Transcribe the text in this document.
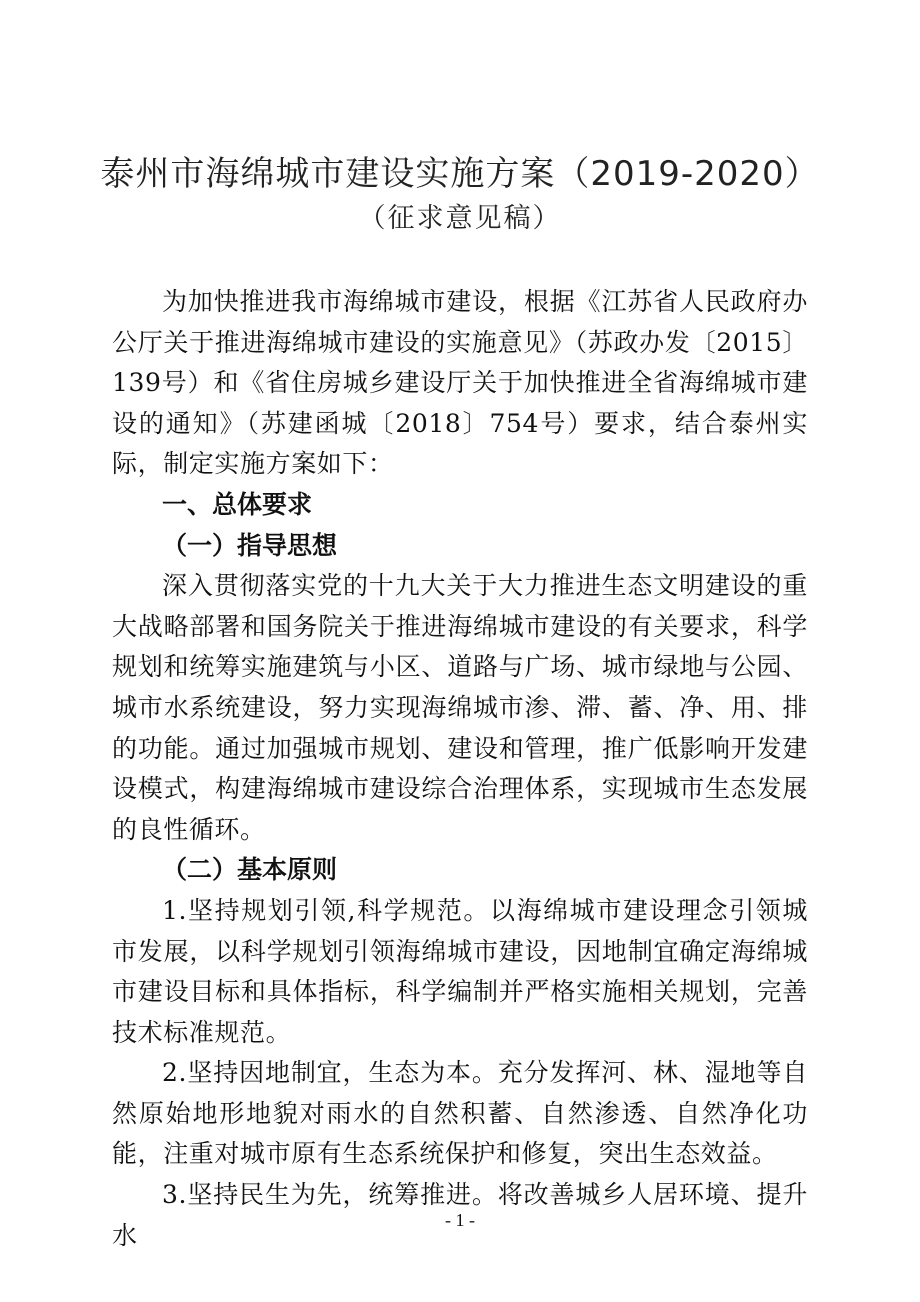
泰州市海绵城市建设实施方案（2019-2020）
（征求意见稿）

为加快推进我市海绵城市建设，根据《江苏省人民政府办公厅关于推进海绵城市建设的实施意见》（苏政办发〔2015〕139号）和《省住房城乡建设厅关于加快推进全省海绵城市建设的通知》（苏建函城〔2018〕754号）要求，结合泰州实际，制定实施方案如下：

一、总体要求

（一）指导思想

深入贯彻落实党的十九大关于大力推进生态文明建设的重大战略部署和国务院关于推进海绵城市建设的有关要求，科学规划和统筹实施建筑与小区、道路与广场、城市绿地与公园、城市水系统建设，努力实现海绵城市渗、滞、蓄、净、用、排的功能。通过加强城市规划、建设和管理，推广低影响开发建设模式，构建海绵城市建设综合治理体系，实现城市生态发展的良性循环。

（二）基本原则

1.坚持规划引领,科学规范。以海绵城市建设理念引领城市发展，以科学规划引领海绵城市建设，因地制宜确定海绵城市建设目标和具体指标，科学编制并严格实施相关规划，完善技术标准规范。

2.坚持因地制宜，生态为本。充分发挥河、林、湿地等自然原始地形地貌对雨水的自然积蓄、自然渗透、自然净化功能，注重对城市原有生态系统保护和修复，突出生态效益。

3.坚持民生为先，统筹推进。将改善城乡人居环境、提升水

- 1 -
